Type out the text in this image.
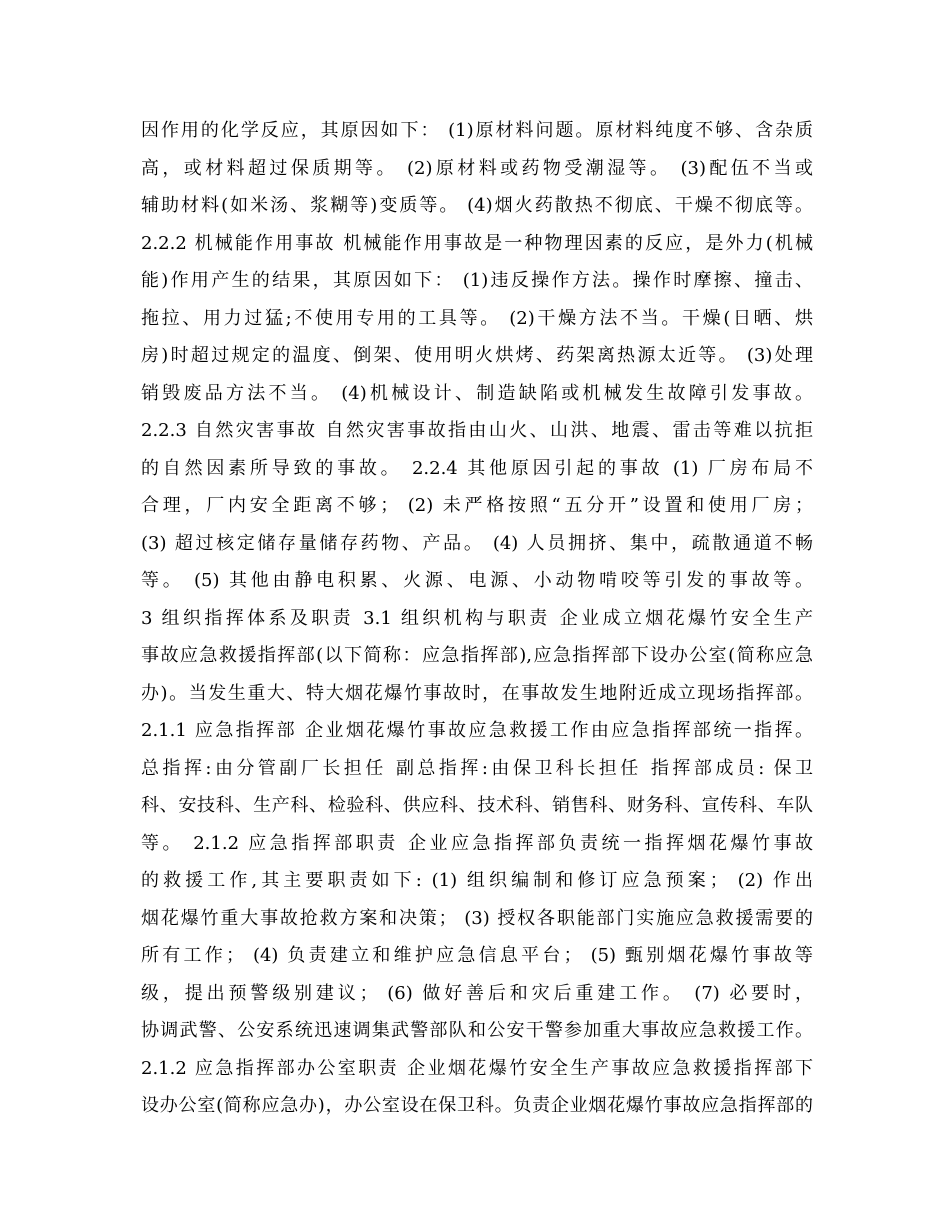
因作用的化学反应，其原因如下： (1)原材料问题。原材料纯度不够、含杂质
高，或材料超过保质期等。 (2)原材料或药物受潮湿等。 (3)配伍不当或
辅助材料(如米汤、浆糊等)变质等。 (4)烟火药散热不彻底、干燥不彻底等。
2.2.2 机械能作用事故 机械能作用事故是一种物理因素的反应，是外力(机械
能)作用产生的结果，其原因如下： (1)违反操作方法。操作时摩擦、撞击、
拖拉、用力过猛;不使用专用的工具等。 (2)干燥方法不当。干燥(日晒、烘
房)时超过规定的温度、倒架、使用明火烘烤、药架离热源太近等。 (3)处理
销毁废品方法不当。 (4)机械设计、制造缺陷或机械发生故障引发事故。
2.2.3 自然灾害事故 自然灾害事故指由山火、山洪、地震、雷击等难以抗拒
的自然因素所导致的事故。 2.2.4 其他原因引起的事故 (1) 厂房布局不
合理，厂内安全距离不够； (2) 未严格按照“五分开”设置和使用厂房；
(3) 超过核定储存量储存药物、产品。 (4) 人员拥挤、集中，疏散通道不畅
等。 (5) 其他由静电积累、火源、电源、小动物啃咬等引发的事故等。
3 组织指挥体系及职责 3.1 组织机构与职责 企业成立烟花爆竹安全生产
事故应急救援指挥部(以下简称：应急指挥部),应急指挥部下设办公室(简称应急
办)。当发生重大、特大烟花爆竹事故时，在事故发生地附近成立现场指挥部。
2.1.1 应急指挥部 企业烟花爆竹事故应急救援工作由应急指挥部统一指挥。
总指挥:由分管副厂长担任 副总指挥:由保卫科长担任 指挥部成员: 保卫
科、安技科、生产科、检验科、供应科、技术科、销售科、财务科、宣传科、车队
等。 2.1.2 应急指挥部职责 企业应急指挥部负责统一指挥烟花爆竹事故
的救援工作,其主要职责如下: (1) 组织编制和修订应急预案； (2) 作出
烟花爆竹重大事故抢救方案和决策； (3) 授权各职能部门实施应急救援需要的
所有工作； (4) 负责建立和维护应急信息平台； (5) 甄别烟花爆竹事故等
级，提出预警级别建议； (6) 做好善后和灾后重建工作。 (7) 必要时，
协调武警、公安系统迅速调集武警部队和公安干警参加重大事故应急救援工作。
2.1.2 应急指挥部办公室职责 企业烟花爆竹安全生产事故应急救援指挥部下
设办公室(简称应急办)，办公室设在保卫科。负责企业烟花爆竹事故应急指挥部的
